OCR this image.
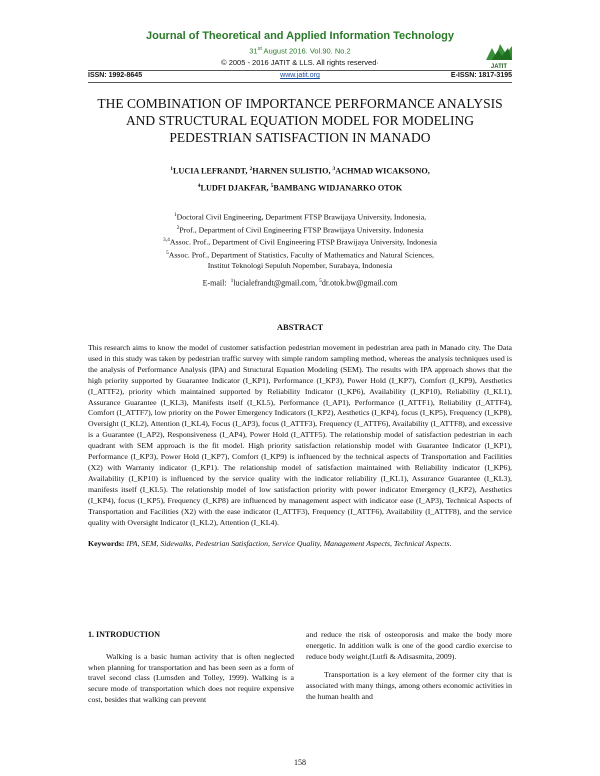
Journal of Theoretical and Applied Information Technology
31st August 2016. Vol.90. No.2
© 2005 - 2016 JATIT & LLS. All rights reserved·	JATIT
ISSN: 1992-8645	www.jatit.org	E-ISSN: 1817-3195
THE COMBINATION OF IMPORTANCE PERFORMANCE ANALYSIS AND STRUCTURAL EQUATION MODEL FOR MODELING PEDESTRIAN SATISFACTION IN MANADO
$^1$LUCIA LEFRANDT, $^2$HARNEN SULISTIO, $^3$ACHMAD WICAKSONO,
$^4$LUDFI DJAKFAR, $^5$BAMBANG WIDJANARKO OTOK
$^1$Doctoral Civil Engineering, Department FTSP Brawijaya University, Indonesia,
$^2$Prof., Department of Civil Engineering FTSP Brawijaya University, Indonesia
$^{3,4}$Assoc. Prof., Department of Civil Engineering FTSP Brawijaya University, Indonesia
$^5$Assoc. Prof., Department of Statistics, Faculty of Mathematics and Natural Sciences,
Institut Teknologi Sepuluh Nopember, Surabaya, Indonesia
E-mail: $^1$lucialefrandt@gmail.com, $^5$dr.otok.bw@gmail.com
ABSTRACT
This research aims to know the model of customer satisfaction pedestrian movement in pedestrian area path in Manado city. The Data used in this study was taken by pedestrian traffic survey with simple random sampling method, whereas the analysis techniques used is the analysis of Performance Analysis (IPA) and Structural Equation Modeling (SEM). The results with IPA approach shows that the high priority supported by Guarantee Indicator (I_KP1), Performance (I_KP3), Power Hold (I_KP7), Comfort (I_KP9), Aesthetics (I_ATTF2), priority which maintained supported by Reliability Indicator (I_KP6), Availability (I_KP10), Reliability (I_KL1), Assurance Guarantee (I_KL3), Manifests itself (I_KL5), Performance (I_AP1), Performance (I_ATTF1), Reliability (I_ATTF4), Comfort (I_ATTF7), low priority on the Power Emergency Indicators (I_KP2), Aesthetics (I_KP4), focus (I_KP5), Frequency (I_KP8), Oversight (I_KL2), Attention (I_KL4), Focus (I_AP3), focus (I_ATTF3), Frequency (I_ATTF6), Availability (I_ATTF8), and excessive is a Guarantee (I_AP2), Responsiveness (I_AP4), Power Hold (I_ATTF5). The relationship model of satisfaction pedestrian in each quadrant with SEM approach is the fit model. High priority satisfaction relationship model with Guarantee Indicator (I_KP1), Performance (I_KP3), Power Hold (I_KP7), Comfort (I_KP9) is influenced by the technical aspects of Transportation and Facilities (X2) with Warranty indicator (I_KP1). The relationship model of satisfaction maintained with Reliability indicator (I_KP6), Availability (I_KP10) is influenced by the service quality with the indicator reliability (I_KL1), Assurance Guarantee (I_KL3), manifests itself (I_KL5). The relationship model of low satisfaction priority with power indicator Emergency (I_KP2), Aesthetics (I_KP4), focus (I_KP5), Frequency (I_KP8) are influenced by management aspect with indicator ease (I_AP3), Technical Aspects of Transportation and Facilities (X2) with the ease indicator (I_ATTF3), Frequency (I_ATTF6), Availability (I_ATTF8), and the service quality with Oversight Indicator (I_KL2), Attention (I_KL4).
Keywords: IPA, SEM, Sidewalks, Pedestrian Satisfaction, Service Quality, Management Aspects, Technical Aspects.
1. INTRODUCTION

Walking is a basic human activity that is often neglected when planning for transportation and has been seen as a form of travel second class (Lumsden and Tolley, 1999). Walking is a secure mode of transportation which does not require expensive cost, besides that walking can prevent

and reduce the risk of osteoporosis and make the body more energetic. In addition walk is one of the good cardio exercise to reduce body weight.(Lutfi & Adisasmita, 2009).

Transportation is a key element of the former city that is associated with many things, among others economic activities in the human health and

158
